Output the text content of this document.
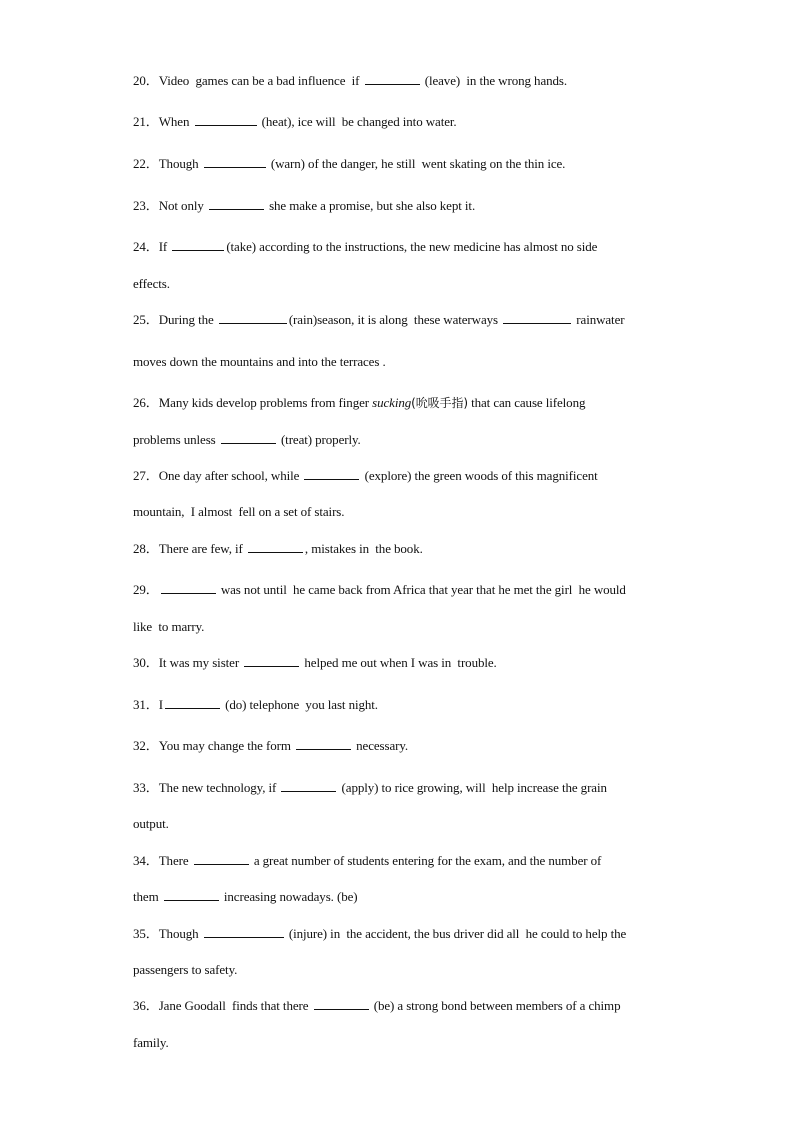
20．Video  games can be a bad influence  if	(leave)  in the wrong hands.
21．When	(heat), ice will  be changed into water.
22．Though	(warn) of the danger, he still  went skating on the thin ice.
23．Not only	she make a promise, but she also kept it.
24．If	(take) according to the instructions, the new medicine has almost no side
effects.
25．During the	(rain)season, it is along  these waterways	rainwater
moves down the mountains and into the terraces .
26．Many kids develop problems from finger sucking(吮吸手指) that can cause lifelong
problems unless	(treat) properly.
27．One day after school, while	(explore) the green woods of this magnificent
mountain,  I almost  fell on a set of stairs.
28．There are few, if	, mistakes in  the book.
29．	was not until  he came back from Africa that year that he met the girl  he would
like  to marry.
30．It was my sister	helped me out when I was in  trouble.
31．I	(do) telephone  you last night.
32．You may change the form	necessary.
33．The new technology, if	(apply) to rice growing, will  help increase the grain
output.
34．There	a great number of students entering for the exam, and the number of
them	increasing nowadays. (be)
35．Though	(injure) in  the accident, the bus driver did all  he could to help the
passengers to safety.
36．Jane Goodall  finds that there	(be) a strong bond between members of a chimp
family.
